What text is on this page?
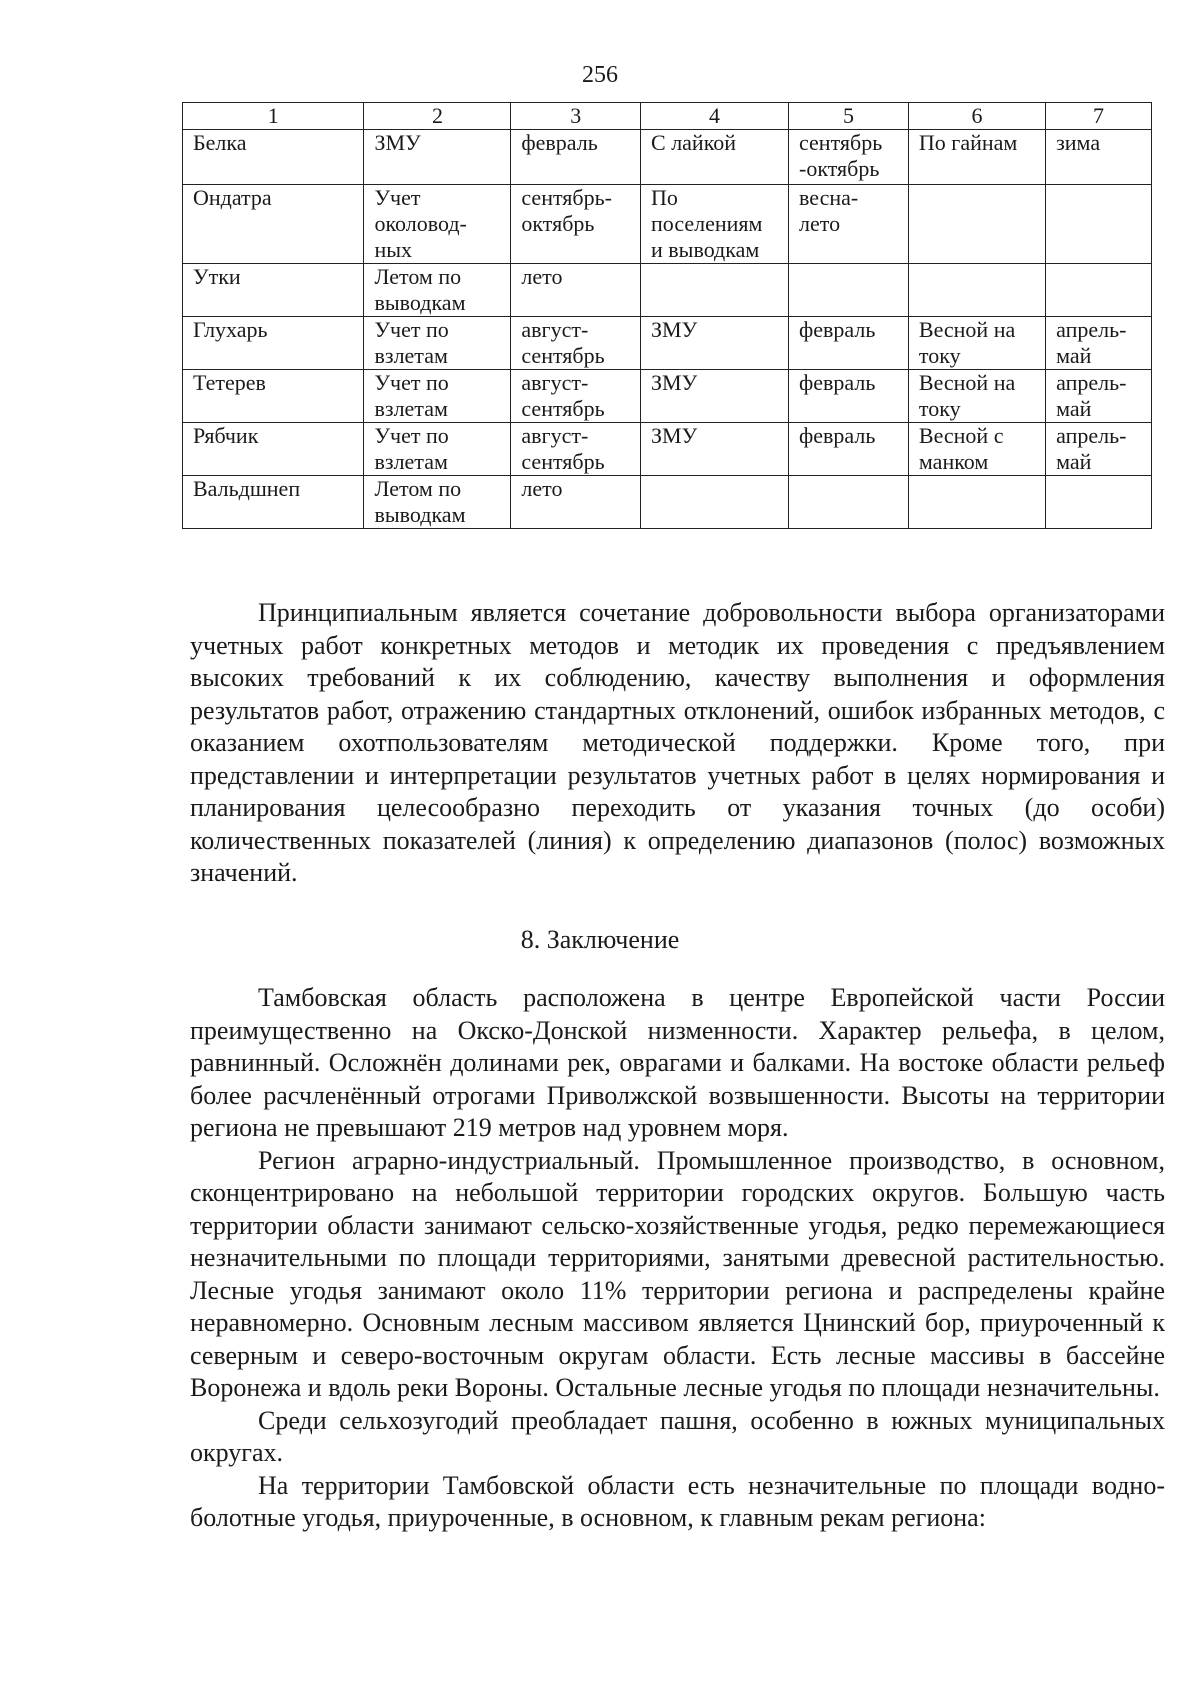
256
1	2	3	4	5	6	7
Белка	ЗМУ	февраль	С лайкой	сентябрь -октябрь	По гайнам	зима
Ондатра	Учет околовод-ных	сентябрь-октябрь	По поселениям и выводкам	весна-лето		
Утки	Летом по выводкам	лето				
Глухарь	Учет по взлетам	август-сентябрь	ЗМУ	февраль	Весной на току	апрель-май
Тетерев	Учет по взлетам	август-сентябрь	ЗМУ	февраль	Весной на току	апрель-май
Рябчик	Учет по взлетам	август-сентябрь	ЗМУ	февраль	Весной с манком	апрель-май
Вальдшнеп	Летом по выводкам	лето				

Принципиальным является сочетание добровольности выбора организаторами учетных работ конкретных методов и методик их проведения с предъявлением высоких требований к их соблюдению, качеству выполнения и оформления результатов работ, отражению стандартных отклонений, ошибок избранных методов, с оказанием охотпользователям методической поддержки. Кроме того, при представлении и интерпретации результатов учетных работ в целях нормирования и планирования целесообразно переходить от указания точных (до особи) количественных показателей (линия) к определению диапазонов (полос) возможных значений.

8. Заключение

Тамбовская область расположена в центре Европейской части России преимущественно на Окско-Донской низменности. Характер рельефа, в целом, равнинный. Осложнён долинами рек, оврагами и балками. На востоке области рельеф более расчленённый отрогами Приволжской возвышенности. Высоты на территории региона не превышают 219 метров над уровнем моря.

Регион аграрно-индустриальный. Промышленное производство, в основном, сконцентрировано на небольшой территории городских округов. Большую часть территории области занимают сельско-хозяйственные угодья, редко перемежающиеся незначительными по площади территориями, занятыми древесной растительностью. Лесные угодья занимают около 11% территории региона и распределены крайне неравномерно. Основным лесным массивом является Цнинский бор, приуроченный к северным и северо-восточным округам области. Есть лесные массивы в бассейне Воронежа и вдоль реки Вороны. Остальные лесные угодья по площади незначительны.

Среди сельхозугодий преобладает пашня, особенно в южных муниципальных округах.

На территории Тамбовской области есть незначительные по площади водно-болотные угодья, приуроченные, в основном, к главным рекам региона:
